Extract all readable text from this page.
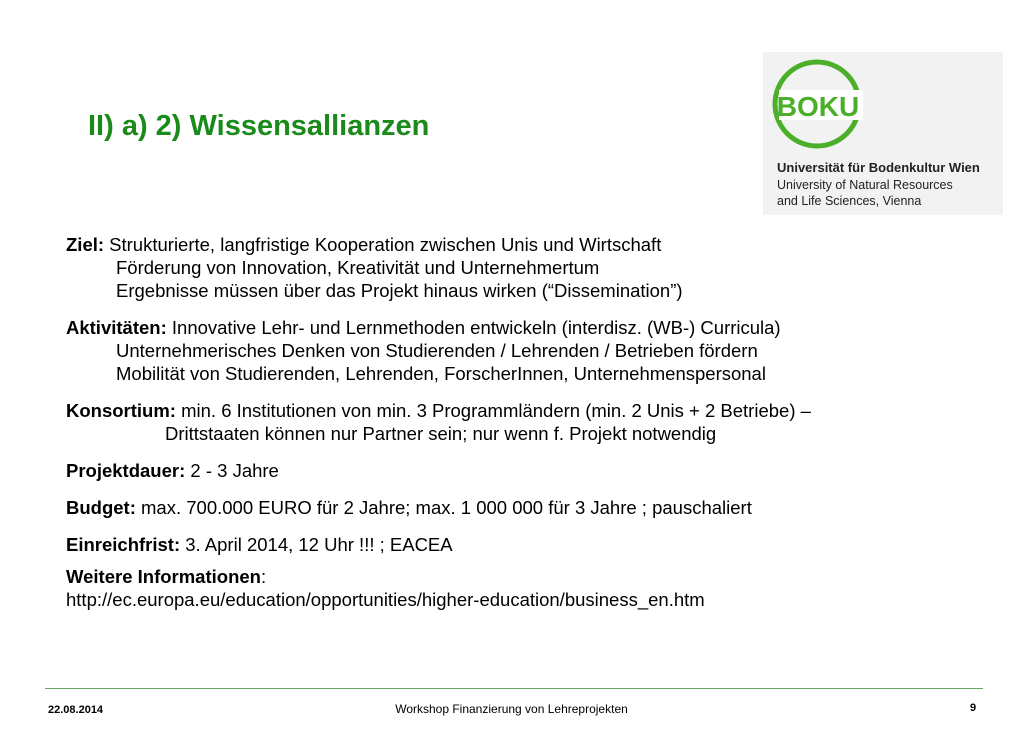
II) a) 2) Wissensallianzen
BOKU
Universität für Bodenkultur Wien
University of Natural Resources
and Life Sciences, Vienna
Ziel: Strukturierte, langfristige Kooperation zwischen Unis und Wirtschaft
Förderung von Innovation, Kreativität und Unternehmertum
Ergebnisse müssen über das Projekt hinaus wirken (“Dissemination”)
Aktivitäten: Innovative Lehr- und Lernmethoden entwickeln (interdisz. (WB-) Curricula)
Unternehmerisches Denken von Studierenden / Lehrenden / Betrieben fördern
Mobilität von Studierenden, Lehrenden, ForscherInnen, Unternehmenspersonal
Konsortium: min. 6 Institutionen von min. 3 Programmländern (min. 2 Unis + 2 Betriebe) –
Drittstaaten können nur Partner sein; nur wenn f. Projekt notwendig
Projektdauer: 2 - 3 Jahre
Budget: max. 700.000 EURO für 2 Jahre; max. 1 000 000 für 3 Jahre ; pauschaliert
Einreichfrist: 3. April 2014, 12 Uhr !!! ; EACEA
Weitere Informationen:
http://ec.europa.eu/education/opportunities/higher-education/business_en.htm
22.08.2014	Workshop Finanzierung von Lehreprojekten	9
